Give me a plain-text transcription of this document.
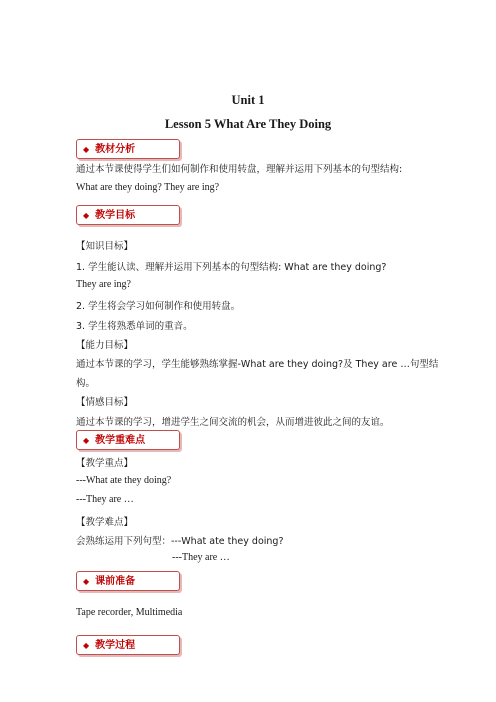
Unit 1
Lesson 5 What Are They Doing
◆ 教材分析
通过本节课使得学生们如何制作和使用转盘，理解并运用下列基本的句型结构:
What are they doing? They are ing?
◆ 教学目标
【知识目标】
1. 学生能认读、理解并运用下列基本的句型结构: What are they doing?
They are ing?
2. 学生将会学习如何制作和使用转盘。
3. 学生将熟悉单词的重音。
【能力目标】
通过本节课的学习，学生能够熟练掌握-What are they doing?及 They are …句型结
构。
【情感目标】
通过本节课的学习，增进学生之间交流的机会，从而增进彼此之间的友谊。
◆ 教学重难点
【教学重点】
---What ate they doing?
---They are …
【教学难点】
会熟练运用下列句型：---What ate they doing?
---They are …
◆ 课前准备
Tape recorder, Multimedia
◆ 教学过程
